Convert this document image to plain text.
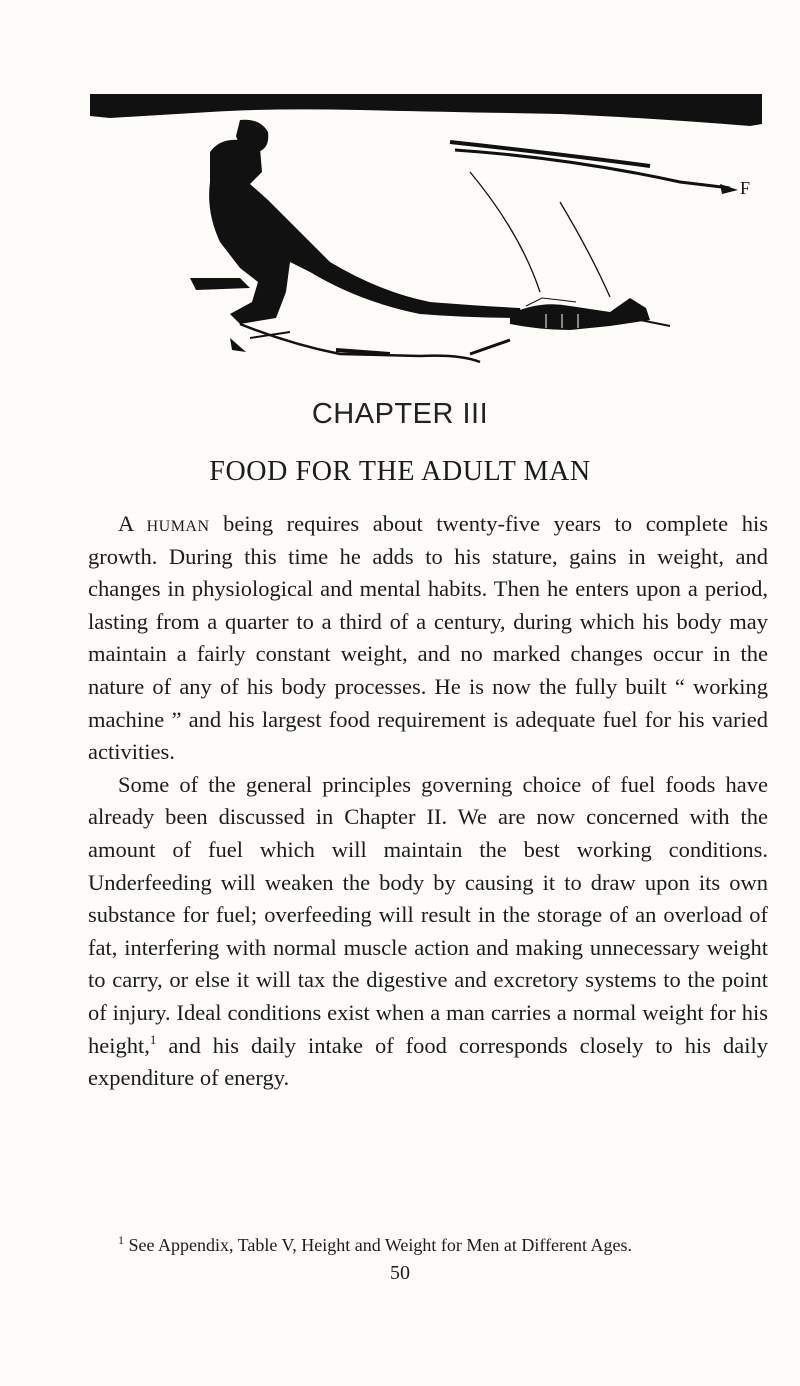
F
CHAPTER III
FOOD FOR THE ADULT MAN

A human being requires about twenty-five years to complete his growth. During this time he adds to his stature, gains in weight, and changes in physiological and mental habits. Then he enters upon a period, lasting from a quarter to a third of a century, during which his body may maintain a fairly constant weight, and no marked changes occur in the nature of any of his body processes. He is now the fully built “ working machine ” and his largest food requirement is adequate fuel for his varied activities.

Some of the general principles governing choice of fuel foods have already been discussed in Chapter II. We are now concerned with the amount of fuel which will maintain the best working conditions. Underfeeding will weaken the body by causing it to draw upon its own substance for fuel; overfeeding will result in the storage of an overload of fat, interfering with normal muscle action and making unnecessary weight to carry, or else it will tax the digestive and excretory systems to the point of injury. Ideal conditions exist when a man carries a normal weight for his height,$^1$ and his daily intake of food corresponds closely to his daily expenditure of energy.

$^1$ See Appendix, Table V, Height and Weight for Men at Different Ages.
50
